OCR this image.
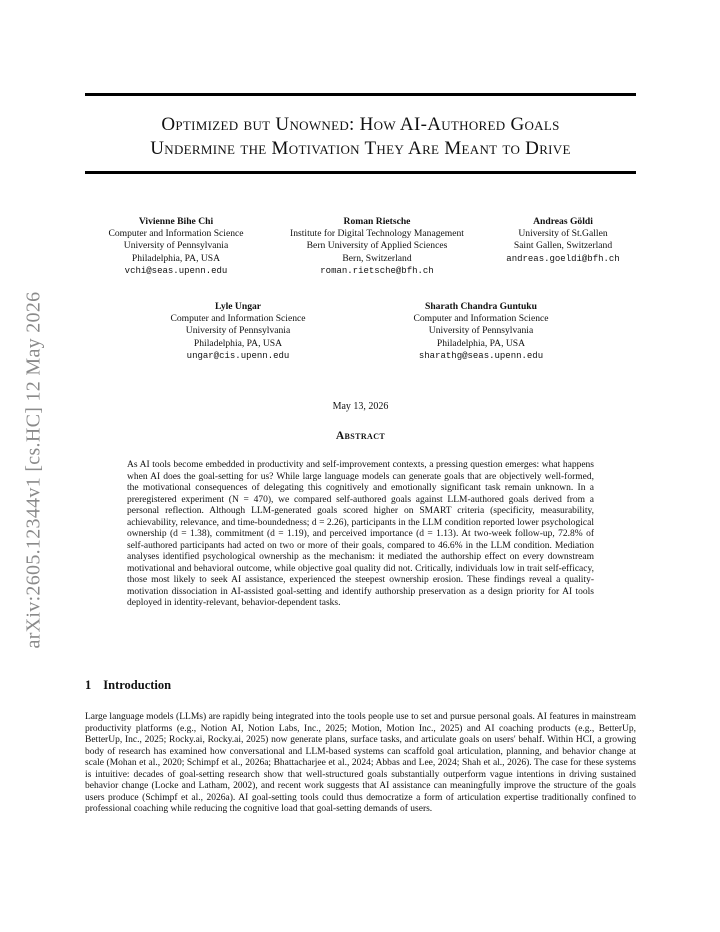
arXiv:2605.12344v1 [cs.HC] 12 May 2026
Optimized but Unowned: How AI-Authored Goals
Undermine the Motivation They Are Meant to Drive
Vivienne Bihe Chi
Computer and Information Science
University of Pennsylvania
Philadelphia, PA, USA
vchi@seas.upenn.edu
Roman Rietsche
Institute for Digital Technology Management
Bern University of Applied Sciences
Bern, Switzerland
roman.rietsche@bfh.ch
Andreas Göldi
University of St.Gallen
Saint Gallen, Switzerland
andreas.goeldi@bfh.ch
Lyle Ungar
Computer and Information Science
University of Pennsylvania
Philadelphia, PA, USA
ungar@cis.upenn.edu
Sharath Chandra Guntuku
Computer and Information Science
University of Pennsylvania
Philadelphia, PA, USA
sharathg@seas.upenn.edu
May 13, 2026
Abstract
As AI tools become embedded in productivity and self-improvement contexts, a pressing question emerges: what happens when AI does the goal-setting for us? While large language models can generate goals that are objectively well-formed, the motivational consequences of delegating this cognitively and emotionally significant task remain unknown. In a preregistered experiment (N = 470), we compared self-authored goals against LLM-authored goals derived from a personal reflection. Although LLM-generated goals scored higher on SMART criteria (specificity, measurability, achievability, relevance, and time-boundedness; d = 2.26), participants in the LLM condition reported lower psychological ownership (d = 1.38), commitment (d = 1.19), and perceived importance (d = 1.13). At two-week follow-up, 72.8% of self-authored participants had acted on two or more of their goals, compared to 46.6% in the LLM condition. Mediation analyses identified psychological ownership as the mechanism: it mediated the authorship effect on every downstream motivational and behavioral outcome, while objective goal quality did not. Critically, individuals low in trait self-efficacy, those most likely to seek AI assistance, experienced the steepest ownership erosion. These findings reveal a quality-motivation dissociation in AI-assisted goal-setting and identify authorship preservation as a design priority for AI tools deployed in identity-relevant, behavior-dependent tasks.
1 Introduction
Large language models (LLMs) are rapidly being integrated into the tools people use to set and pursue personal goals. AI features in mainstream productivity platforms (e.g., Notion AI, Notion Labs, Inc., 2025; Motion, Motion Inc., 2025) and AI coaching products (e.g., BetterUp, BetterUp, Inc., 2025; Rocky.ai, Rocky.ai, 2025) now generate plans, surface tasks, and articulate goals on users' behalf. Within HCI, a growing body of research has examined how conversational and LLM-based systems can scaffold goal articulation, planning, and behavior change at scale (Mohan et al., 2020; Schimpf et al., 2026a; Bhattacharjee et al., 2024; Abbas and Lee, 2024; Shah et al., 2026). The case for these systems is intuitive: decades of goal-setting research show that well-structured goals substantially outperform vague intentions in driving sustained behavior change (Locke and Latham, 2002), and recent work suggests that AI assistance can meaningfully improve the structure of the goals users produce (Schimpf et al., 2026a). AI goal-setting tools could thus democratize a form of articulation expertise traditionally confined to professional coaching while reducing the cognitive load that goal-setting demands of users.
